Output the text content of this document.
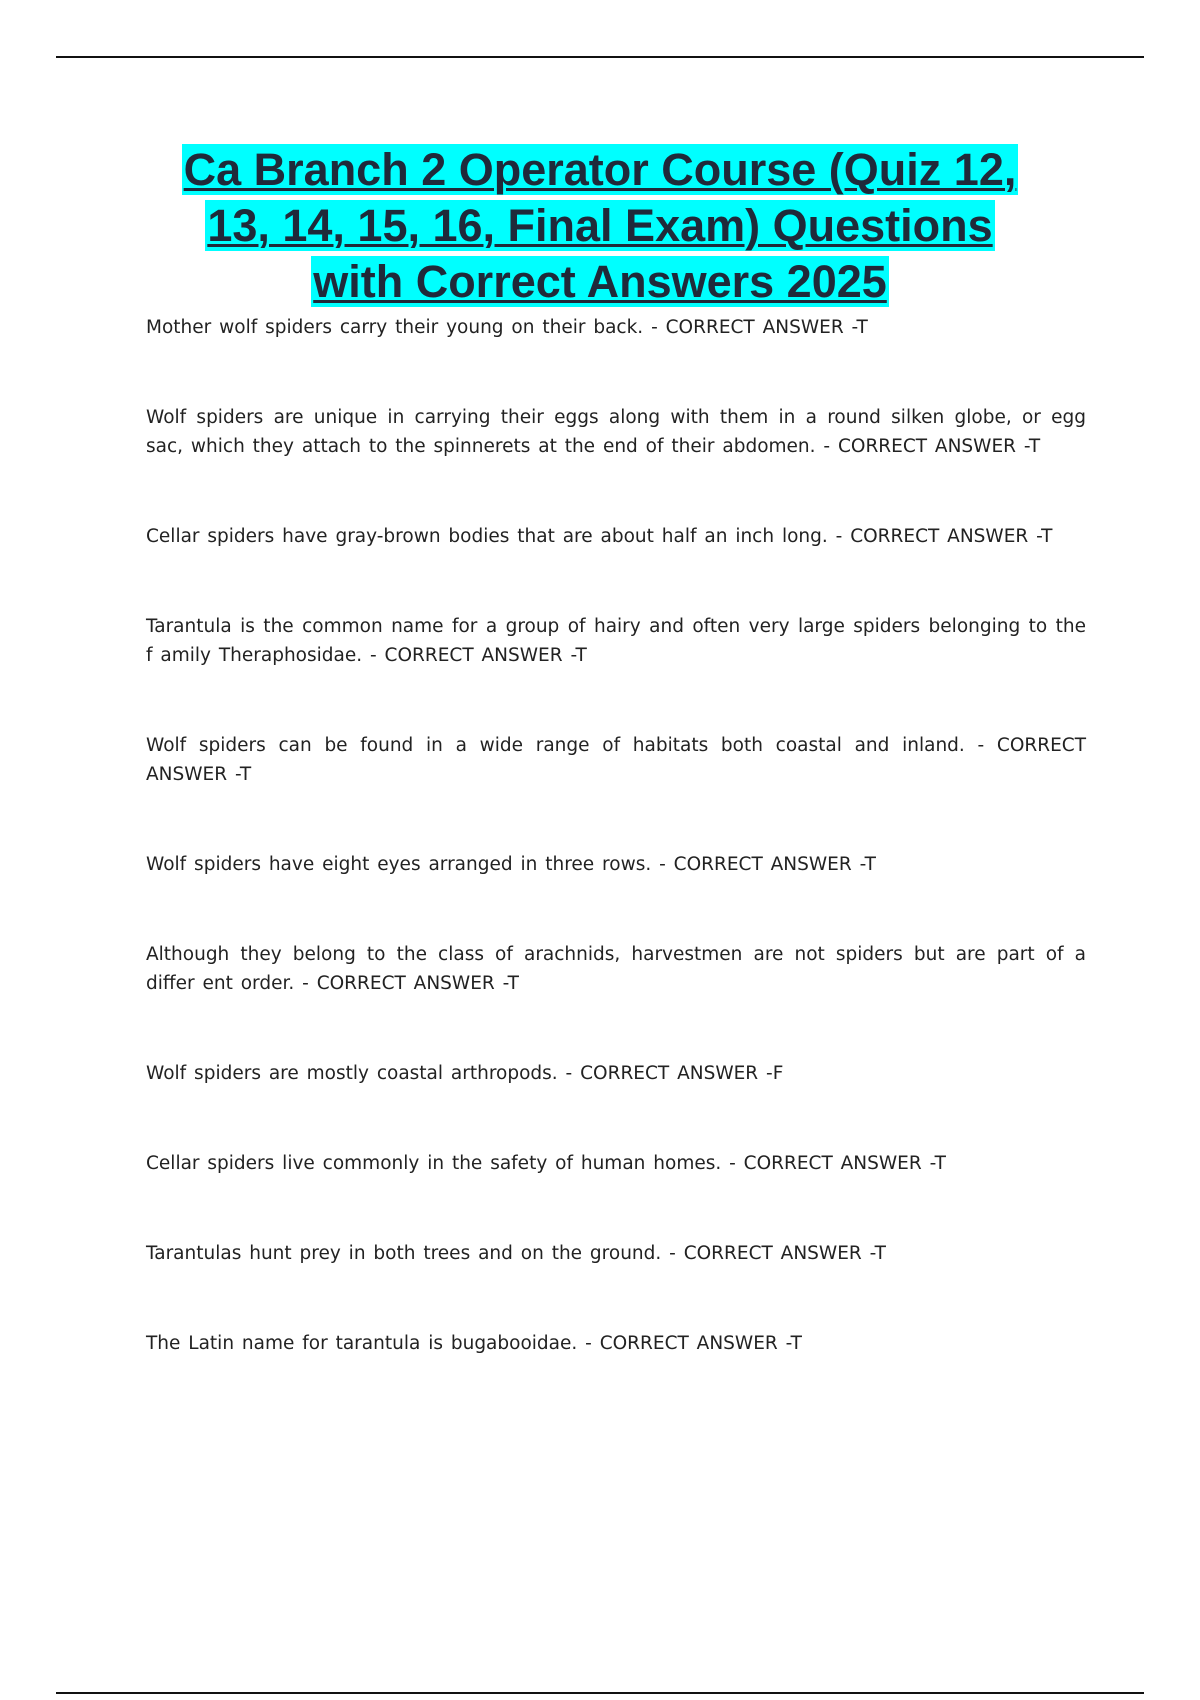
Ca Branch 2 Operator Course (Quiz 12,
13, 14, 15, 16, Final Exam) Questions
with Correct Answers 2025
Mother wolf spiders carry their young on their back. - CORRECT ANSWER -T
Wolf spiders are unique in carrying their eggs along with them in a round silken globe, or egg sac, which they attach to the spinnerets at the end of their abdomen. - CORRECT ANSWER -T
Cellar spiders have gray-brown bodies that are about half an inch long. - CORRECT ANSWER -T
Tarantula is the common name for a group of hairy and often very large spiders belonging to the f amily Theraphosidae. - CORRECT ANSWER -T
Wolf spiders can be found in a wide range of habitats both coastal and inland. - CORRECT ANSWER -T
Wolf spiders have eight eyes arranged in three rows. - CORRECT ANSWER -T
Although they belong to the class of arachnids, harvestmen are not spiders but are part of a differ ent order. - CORRECT ANSWER -T
Wolf spiders are mostly coastal arthropods. - CORRECT ANSWER -F
Cellar spiders live commonly in the safety of human homes. - CORRECT ANSWER -T
Tarantulas hunt prey in both trees and on the ground. - CORRECT ANSWER -T
The Latin name for tarantula is bugabooidae. - CORRECT ANSWER -T
